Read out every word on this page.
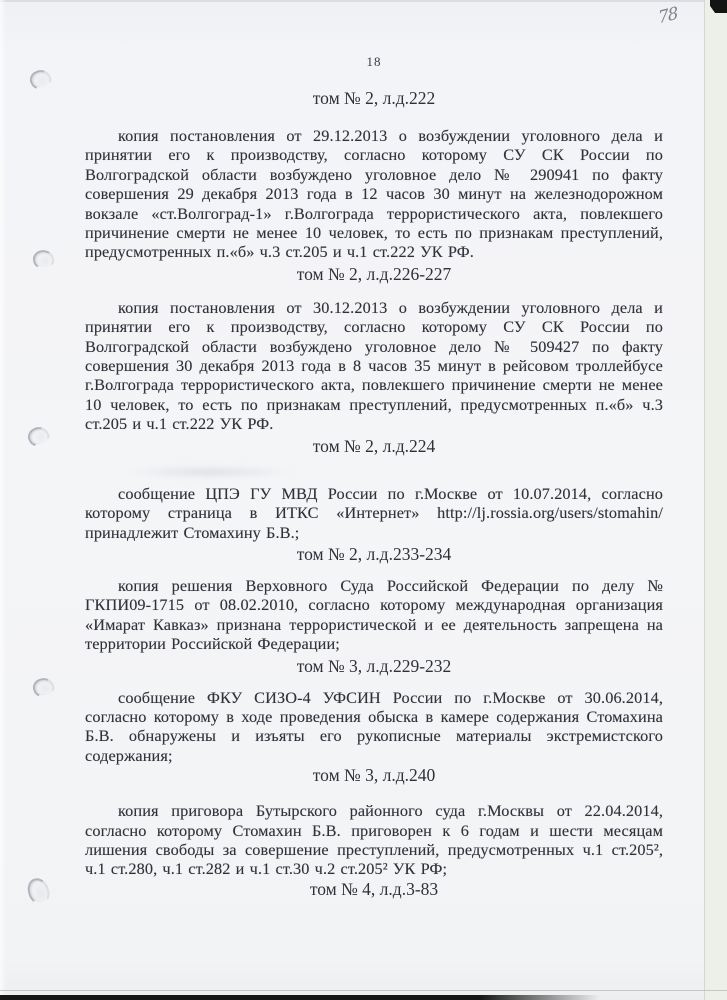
78
18
том № 2, л.д.222

копия постановления от 29.12.2013 о возбуждении уголовного дела и принятии его к производству, согласно которому СУ СК России по Волгоградской области возбуждено уголовное дело № 290941 по факту совершения 29 декабря 2013 года в 12 часов 30 минут на железнодорожном вокзале «ст.Волгоград-1» г.Волгограда террористического акта, повлекшего причинение смерти не менее 10 человек, то есть по признакам преступлений, предусмотренных п.«б» ч.3 ст.205 и ч.1 ст.222 УК РФ.

том № 2, л.д.226-227

копия постановления от 30.12.2013 о возбуждении уголовного дела и принятии его к производству, согласно которому СУ СК России по Волгоградской области возбуждено уголовное дело № 509427 по факту совершения 30 декабря 2013 года в 8 часов 35 минут в рейсовом троллейбусе г.Волгограда террористического акта, повлекшего причинение смерти не менее 10 человек, то есть по признакам преступлений, предусмотренных п.«б» ч.3 ст.205 и ч.1 ст.222 УК РФ.

том № 2, л.д.224

сообщение ЦПЭ ГУ МВД России по г.Москве от 10.07.2014, согласно которому страница в ИТКС «Интернет» http://lj.rossia.org/users/stomahin/ принадлежит Стомахину Б.В.;

том № 2, л.д.233-234

копия решения Верховного Суда Российской Федерации по делу № ГКПИ09-1715 от 08.02.2010, согласно которому международная организация «Имарат Кавказ» признана террористической и ее деятельность запрещена на территории Российской Федерации;

том № 3, л.д.229-232

сообщение ФКУ СИЗО-4 УФСИН России по г.Москве от 30.06.2014, согласно которому в ходе проведения обыска в камере содержания Стомахина Б.В. обнаружены и изъяты его рукописные материалы экстремистского содержания;

том № 3, л.д.240

копия приговора Бутырского районного суда г.Москвы от 22.04.2014, согласно которому Стомахин Б.В. приговорен к 6 годам и шести месяцам лишения свободы за совершение преступлений, предусмотренных ч.1 ст.205², ч.1 ст.280, ч.1 ст.282 и ч.1 ст.30 ч.2 ст.205² УК РФ;

том № 4, л.д.3-83
